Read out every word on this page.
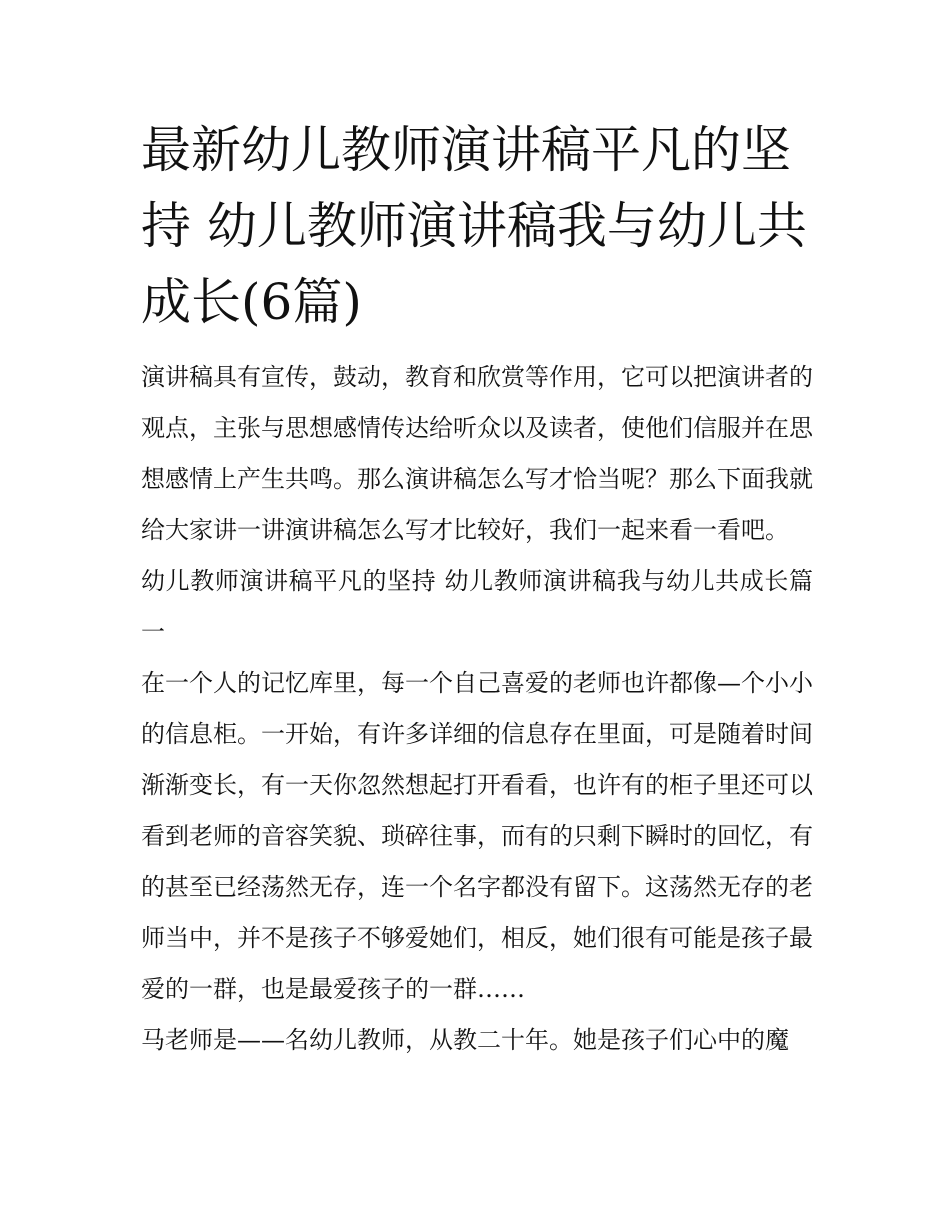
最新幼儿教师演讲稿平凡的坚持 幼儿教师演讲稿我与幼儿共成长(6篇)

演讲稿具有宣传，鼓动，教育和欣赏等作用，它可以把演讲者的观点，主张与思想感情传达给听众以及读者，使他们信服并在思想感情上产生共鸣。那么演讲稿怎么写才恰当呢？那么下面我就给大家讲一讲演讲稿怎么写才比较好，我们一起来看一看吧。

幼儿教师演讲稿平凡的坚持 幼儿教师演讲稿我与幼儿共成长篇一

在一个人的记忆库里，每一个自己喜爱的老师也许都像—个小小的信息柜。一开始，有许多详细的信息存在里面，可是随着时间渐渐变长，有一天你忽然想起打开看看，也许有的柜子里还可以看到老师的音容笑貌、琐碎往事，而有的只剩下瞬时的回忆，有的甚至已经荡然无存，连一个名字都没有留下。这荡然无存的老师当中，并不是孩子不够爱她们，相反，她们很有可能是孩子最爱的一群，也是最爱孩子的一群……

马老师是——名幼儿教师，从教二十年。她是孩子们心中的魔
